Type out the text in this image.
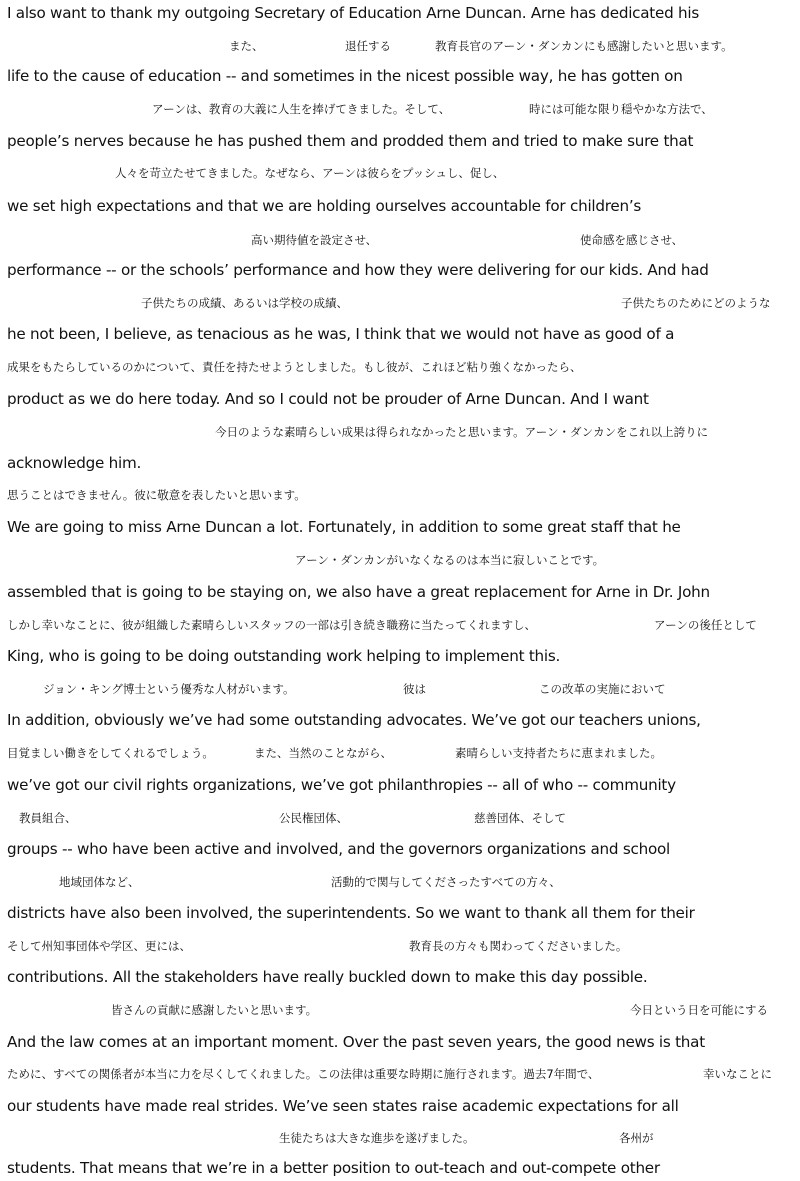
I also want to thank my outgoing Secretary of Education Arne Duncan. Arne has dedicated his
また、	退任する	教育長官のアーン・ダンカンにも感謝したいと思います。
life to the cause of education -- and sometimes in the nicest possible way, he has gotten on
アーンは、教育の大義に人生を捧げてきました。そして、	時には可能な限り穏やかな方法で、
people’s nerves because he has pushed them and prodded them and tried to make sure that
人々を苛立たせてきました。なぜなら、アーンは彼らをプッシュし、促し、
we set high expectations and that we are holding ourselves accountable for children’s
高い期待値を設定させ、	使命感を感じさせ、
performance -- or the schools’ performance and how they were delivering for our kids. And had
子供たちの成績、あるいは学校の成績、	子供たちのためにどのような
he not been, I believe, as tenacious as he was, I think that we would not have as good of a
成果をもたらしているのかについて、責任を持たせようとしました。もし彼が、これほど粘り強くなかったら、
product as we do here today. And so I could not be prouder of Arne Duncan. And I want
今日のような素晴らしい成果は得られなかったと思います。アーン・ダンカンをこれ以上誇りに
acknowledge him.
思うことはできません。彼に敬意を表したいと思います。
We are going to miss Arne Duncan a lot. Fortunately, in addition to some great staff that he
アーン・ダンカンがいなくなるのは本当に寂しいことです。
assembled that is going to be staying on, we also have a great replacement for Arne in Dr. John
しかし幸いなことに、彼が組織した素晴らしいスタッフの一部は引き続き職務に当たってくれますし、	アーンの後任として
King, who is going to be doing outstanding work helping to implement this.
ジョン・キング博士という優秀な人材がいます。	彼は	この改革の実施において
In addition, obviously we’ve had some outstanding advocates. We’ve got our teachers unions,
目覚ましい働きをしてくれるでしょう。	また、当然のことながら、	素晴らしい支持者たちに恵まれました。
we’ve got our civil rights organizations, we’ve got philanthropies -- all of who -- community
教員組合、	公民権団体、	慈善団体、そして
groups -- who have been active and involved, and the governors organizations and school
地域団体など、	活動的で関与してくださったすべての方々、
districts have also been involved, the superintendents. So we want to thank all them for their
そして州知事団体や学区、更には、	教育長の方々も関わってくださいました。
contributions. All the stakeholders have really buckled down to make this day possible.
皆さんの貢献に感謝したいと思います。	今日という日を可能にする
And the law comes at an important moment. Over the past seven years, the good news is that
ために、すべての関係者が本当に力を尽くしてくれました。この法律は重要な時期に施行されます。過去7年間で、	幸いなことに
our students have made real strides. We’ve seen states raise academic expectations for all
生徒たちは大きな進歩を遂げました。	各州が
students. That means that we’re in a better position to out-teach and out-compete other
